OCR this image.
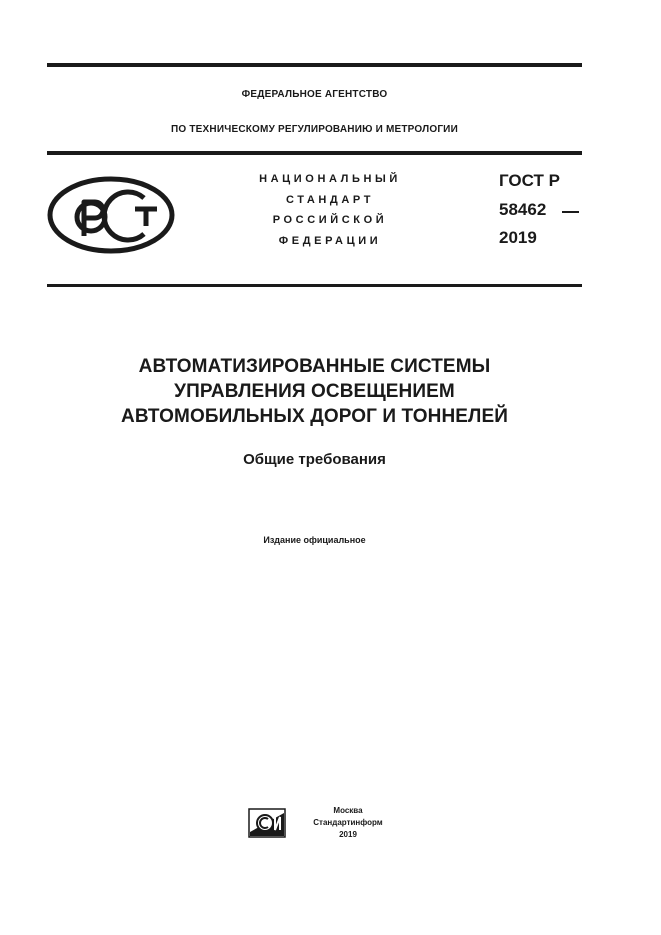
ФЕДЕРАЛЬНОЕ АГЕНТСТВО
ПО ТЕХНИЧЕСКОМУ РЕГУЛИРОВАНИЮ И МЕТРОЛОГИИ
НАЦИОНАЛЬНЫЙ
СТАНДАРТ
РОССИЙСКОЙ
ФЕДЕРАЦИИ
ГОСТ Р
58462
2019
АВТОМАТИЗИРОВАННЫЕ СИСТЕМЫ
УПРАВЛЕНИЯ ОСВЕЩЕНИЕМ
АВТОМОБИЛЬНЫХ ДОРОГ И ТОННЕЛЕЙ
Общие требования
Издание официальное
Москва
Стандартинформ
2019
